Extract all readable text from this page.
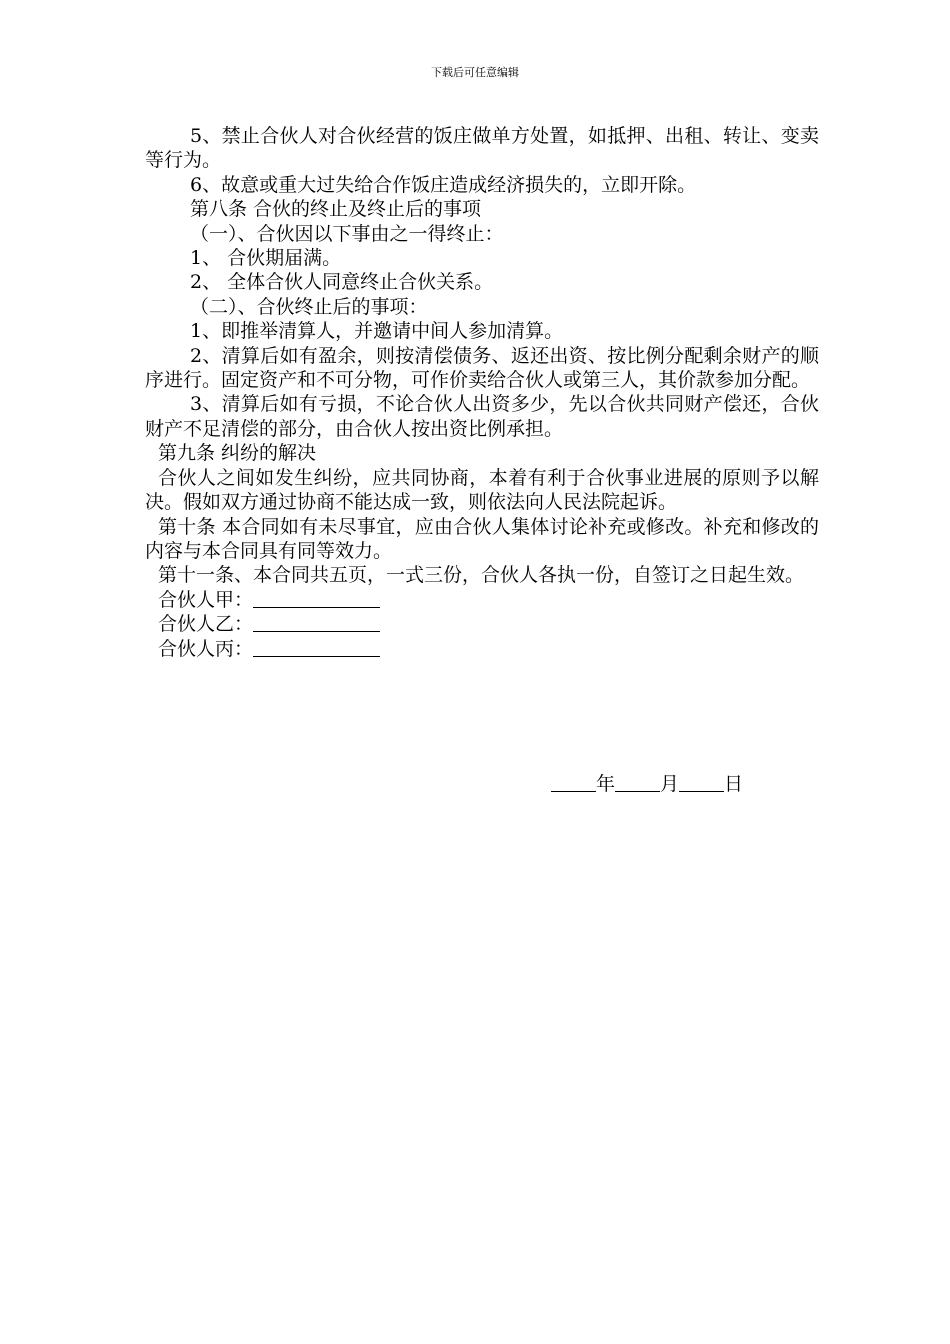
下载后可任意编辑

5、禁止合伙人对合伙经营的饭庄做单方处置，如抵押、出租、转让、变卖等行为。

6、故意或重大过失给合作饭庄造成经济损失的，立即开除。

第八条 合伙的终止及终止后的事项

（一）、合伙因以下事由之一得终止：

1、 合伙期届满。

2、 全体合伙人同意终止合伙关系。

（二）、合伙终止后的事项：

1、即推举清算人，并邀请中间人参加清算。

2、清算后如有盈余，则按清偿债务、返还出资、按比例分配剩余财产的顺序进行。固定资产和不可分物，可作价卖给合伙人或第三人，其价款参加分配。

3、清算后如有亏损，不论合伙人出资多少，先以合伙共同财产偿还，合伙财产不足清偿的部分，由合伙人按出资比例承担。

第九条 纠纷的解决

合伙人之间如发生纠纷，应共同协商，本着有利于合伙事业进展的原则予以解决。假如双方通过协商不能达成一致，则依法向人民法院起诉。

第十条 本合同如有未尽事宜，应由合伙人集体讨论补充或修改。补充和修改的内容与本合同具有同等效力。

第十一条、本合同共五页，一式三份，合伙人各执一份，自签订之日起生效。

合伙人甲：

合伙人乙：

合伙人丙：

年 月 日
